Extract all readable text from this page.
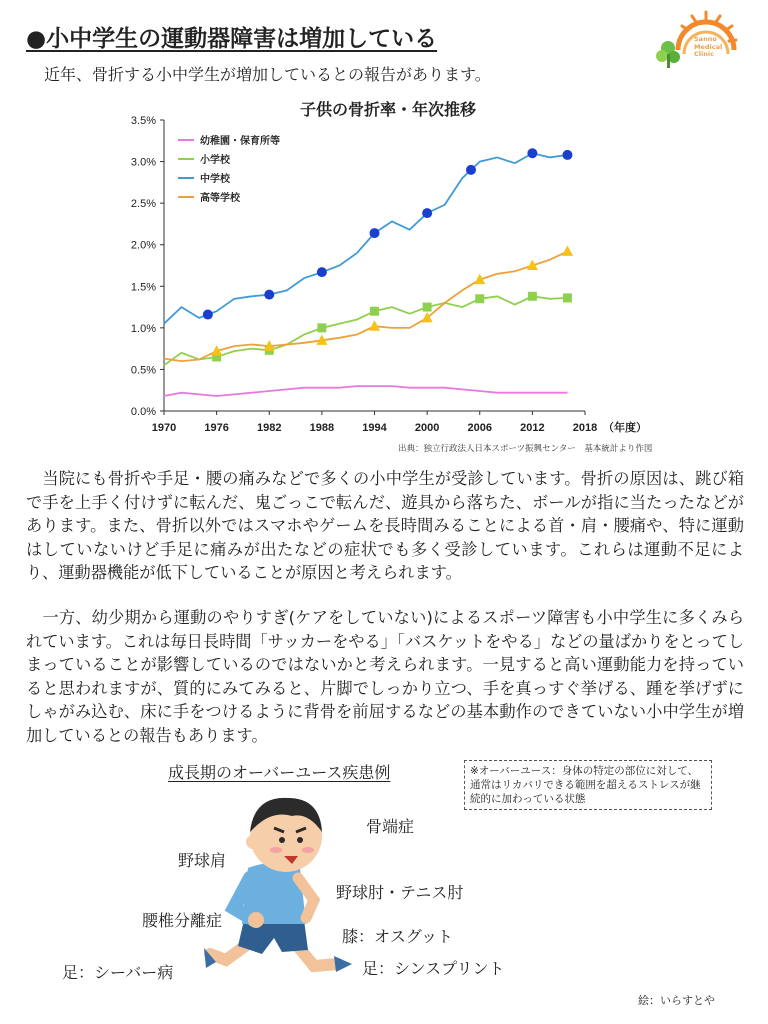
●小中学生の運動器障害は増加している	Sanno
Medical
Clinic
近年、骨折する小中学生が増加しているとの報告があります。
子供の骨折率・年次推移
0.0%
0.5%
1.0%
1.5%
2.0%
2.5%
3.0%
3.5%
1970	1976	1982	1988	1994	2000	2006	2012	2018 （年度）
幼稚園・保育所等
小学校
中学校
高等学校
出典：独立行政法人日本スポーツ振興センター　基本統計より作図

　当院にも骨折や手足・腰の痛みなどで多くの小中学生が受診しています。骨折の原因は、跳び箱で手を上手く付けずに転んだ、鬼ごっこで転んだ、遊具から落ちた、ボールが指に当たったなどがあります。また、骨折以外ではスマホやゲームを長時間みることによる首・肩・腰痛や、特に運動はしていないけど手足に痛みが出たなどの症状でも多く受診しています。これらは運動不足により、運動器機能が低下していることが原因と考えられます。

　一方、幼少期から運動のやりすぎ(ケアをしていない)によるスポーツ障害も小中学生に多くみられています。これは毎日長時間「サッカーをやる」「バスケットをやる」などの量ばかりをとってしまっていることが影響しているのではないかと考えられます。一見すると高い運動能力を持っていると思われますが、質的にみてみると、片脚でしっかり立つ、手を真っすぐ挙げる、踵を挙げずにしゃがみ込む、床に手をつけるように背骨を前屈するなどの基本動作のできていない小中学生が増加しているとの報告もあります。

成長期のオーバーユース疾患例	※オーバーユース：身体の特定の部位に対して、通常はリカバリできる範囲を超えるストレスが継続的に加わっている状態
骨端症
野球肩
野球肘・テニス肘
腰椎分離症
膝：オスグット
足：シーバー病	足：シンスプリント
絵：いらすとや
